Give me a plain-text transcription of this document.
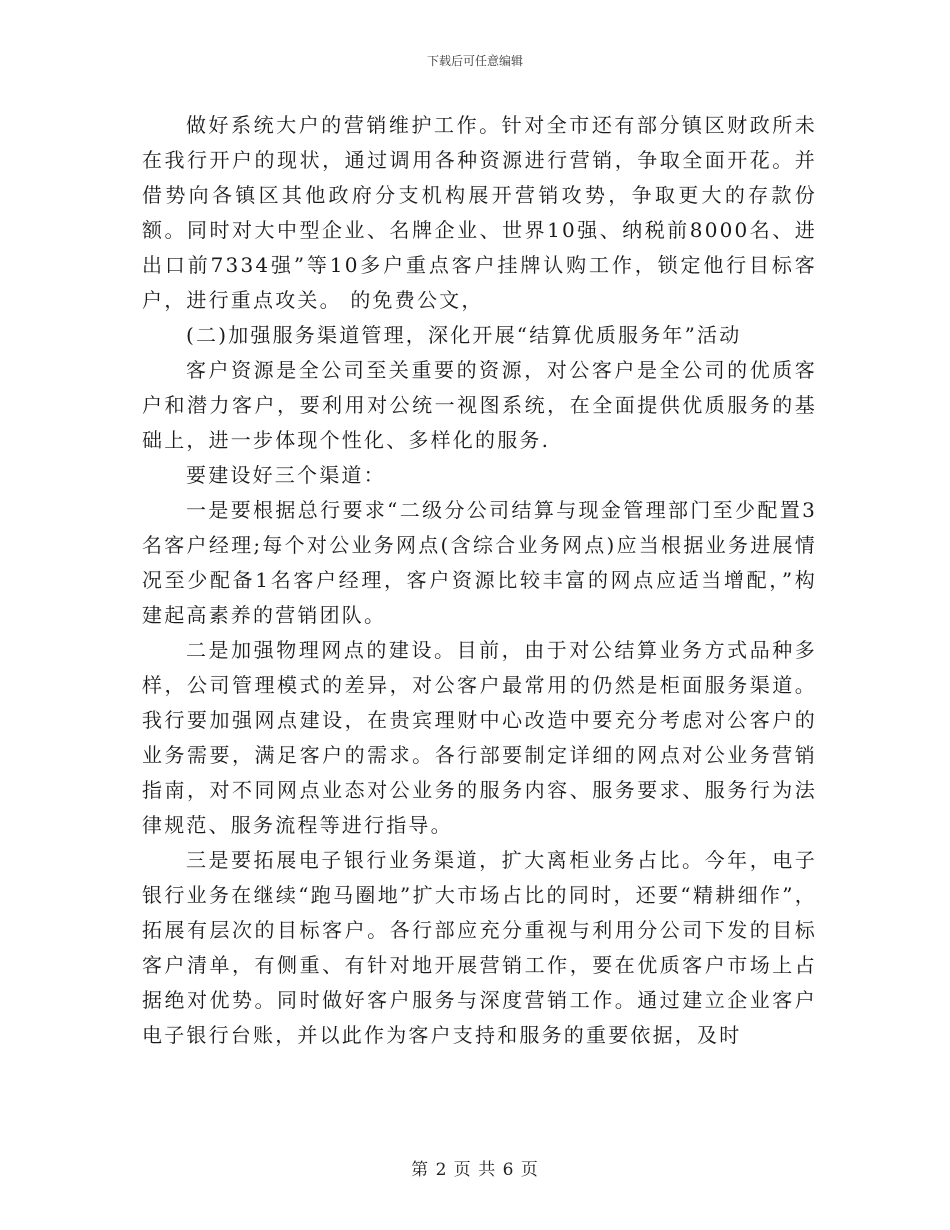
下载后可任意编辑

做好系统大户的营销维护工作。针对全市还有部分镇区财政所未在我行开户的现状，通过调用各种资源进行营销，争取全面开花。并借势向各镇区其他政府分支机构展开营销攻势，争取更大的存款份额。同时对大中型企业、名牌企业、世界10强、纳税前8000名、进出口前7334强”等10多户重点客户挂牌认购工作，锁定他行目标客户，进行重点攻关。 的免费公文，

(二)加强服务渠道管理，深化开展“结算优质服务年”活动

客户资源是全公司至关重要的资源，对公客户是全公司的优质客户和潜力客户，要利用对公统一视图系统，在全面提供优质服务的基础上，进一步体现个性化、多样化的服务.

要建设好三个渠道：

一是要根据总行要求“二级分公司结算与现金管理部门至少配置3名客户经理;每个对公业务网点(含综合业务网点)应当根据业务进展情况至少配备1名客户经理，客户资源比较丰富的网点应适当增配，”构建起高素养的营销团队。

二是加强物理网点的建设。目前，由于对公结算业务方式品种多样，公司管理模式的差异，对公客户最常用的仍然是柜面服务渠道。我行要加强网点建设，在贵宾理财中心改造中要充分考虑对公客户的业务需要，满足客户的需求。各行部要制定详细的网点对公业务营销指南，对不同网点业态对公业务的服务内容、服务要求、服务行为法律规范、服务流程等进行指导。

三是要拓展电子银行业务渠道，扩大离柜业务占比。今年，电子银行业务在继续“跑马圈地”扩大市场占比的同时，还要“精耕细作”，拓展有层次的目标客户。各行部应充分重视与利用分公司下发的目标客户清单，有侧重、有针对地开展营销工作，要在优质客户市场上占据绝对优势。同时做好客户服务与深度营销工作。通过建立企业客户电子银行台账，并以此作为客户支持和服务的重要依据，及时

第 2 页 共 6 页
